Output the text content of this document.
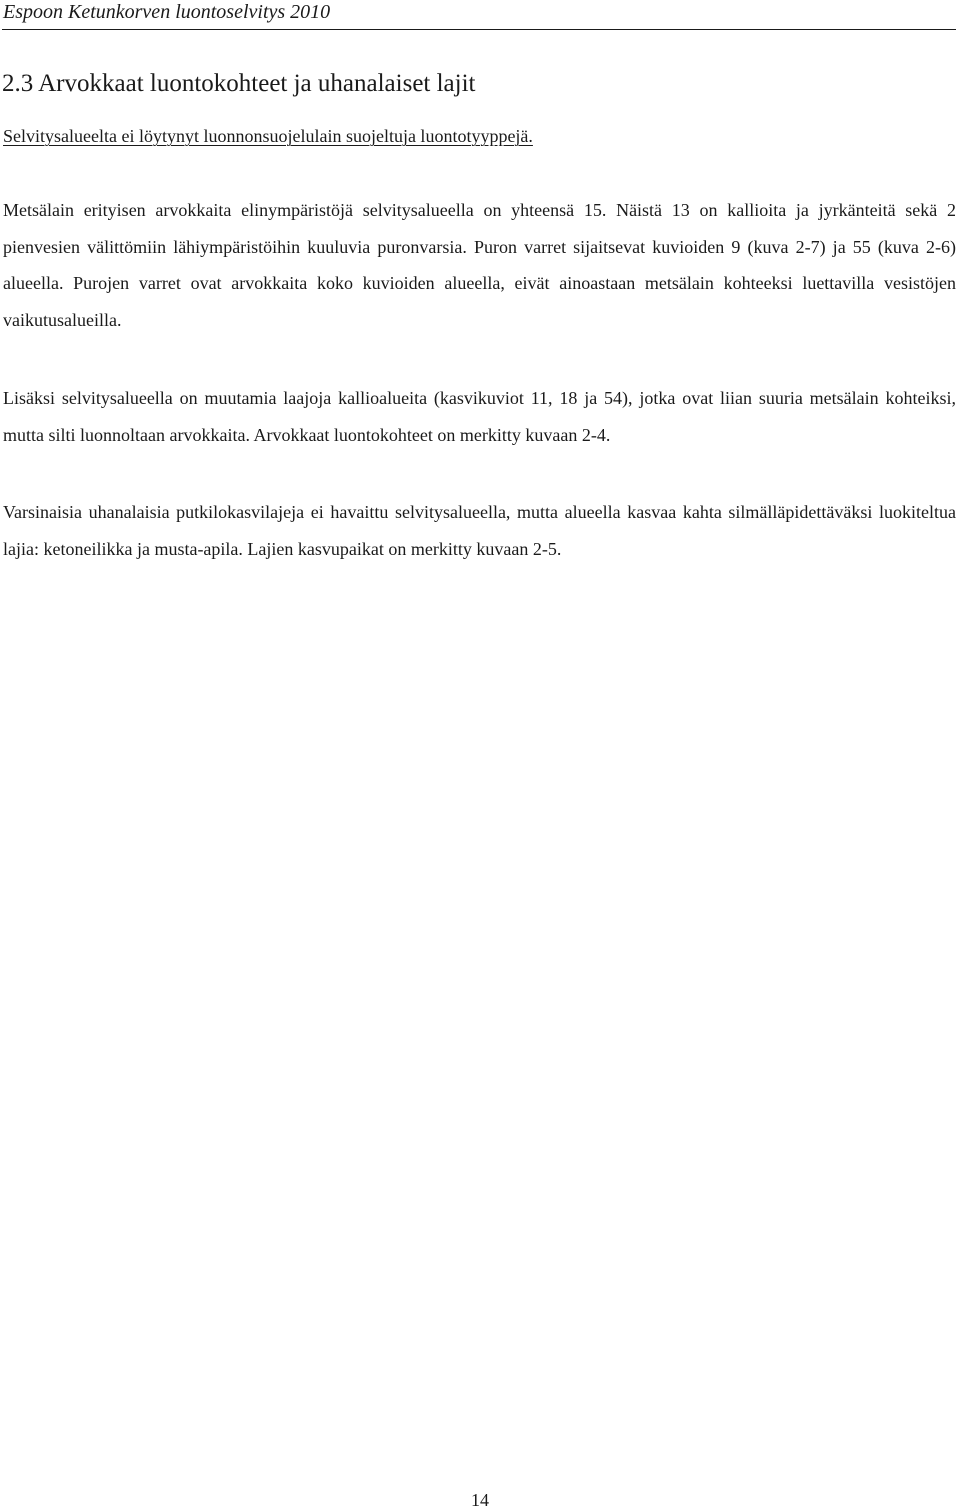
Espoon Ketunkorven luontoselvitys 2010
2.3 Arvokkaat luontokohteet ja uhanalaiset lajit

Selvitysalueelta ei löytynyt luonnonsuojelulain suojeltuja luontotyyppejä.

Metsälain erityisen arvokkaita elinympäristöjä selvitysalueella on yhteensä 15. Näistä 13 on kallioita ja jyrkänteitä sekä 2 pienvesien välittömiin lähiympäristöihin kuuluvia puronvarsia. Puron varret sijaitsevat kuvioiden 9 (kuva 2-7) ja 55 (kuva 2-6) alueella. Purojen varret ovat arvokkaita koko kuvioiden alueella, eivät ainoastaan metsälain kohteeksi luettavilla vesistöjen vaikutusalueilla.

Lisäksi selvitysalueella on muutamia laajoja kallioalueita (kasvikuviot 11, 18 ja 54), jotka ovat liian suuria metsälain kohteiksi, mutta silti luonnoltaan arvokkaita. Arvokkaat luontokohteet on merkitty kuvaan 2-4.

Varsinaisia uhanalaisia putkilokasvilajeja ei havaittu selvitysalueella, mutta alueella kasvaa kahta silmälläpidettäväksi luokiteltua lajia: ketoneilikka ja musta-apila. Lajien kasvupaikat on merkitty kuvaan 2-5.

14
